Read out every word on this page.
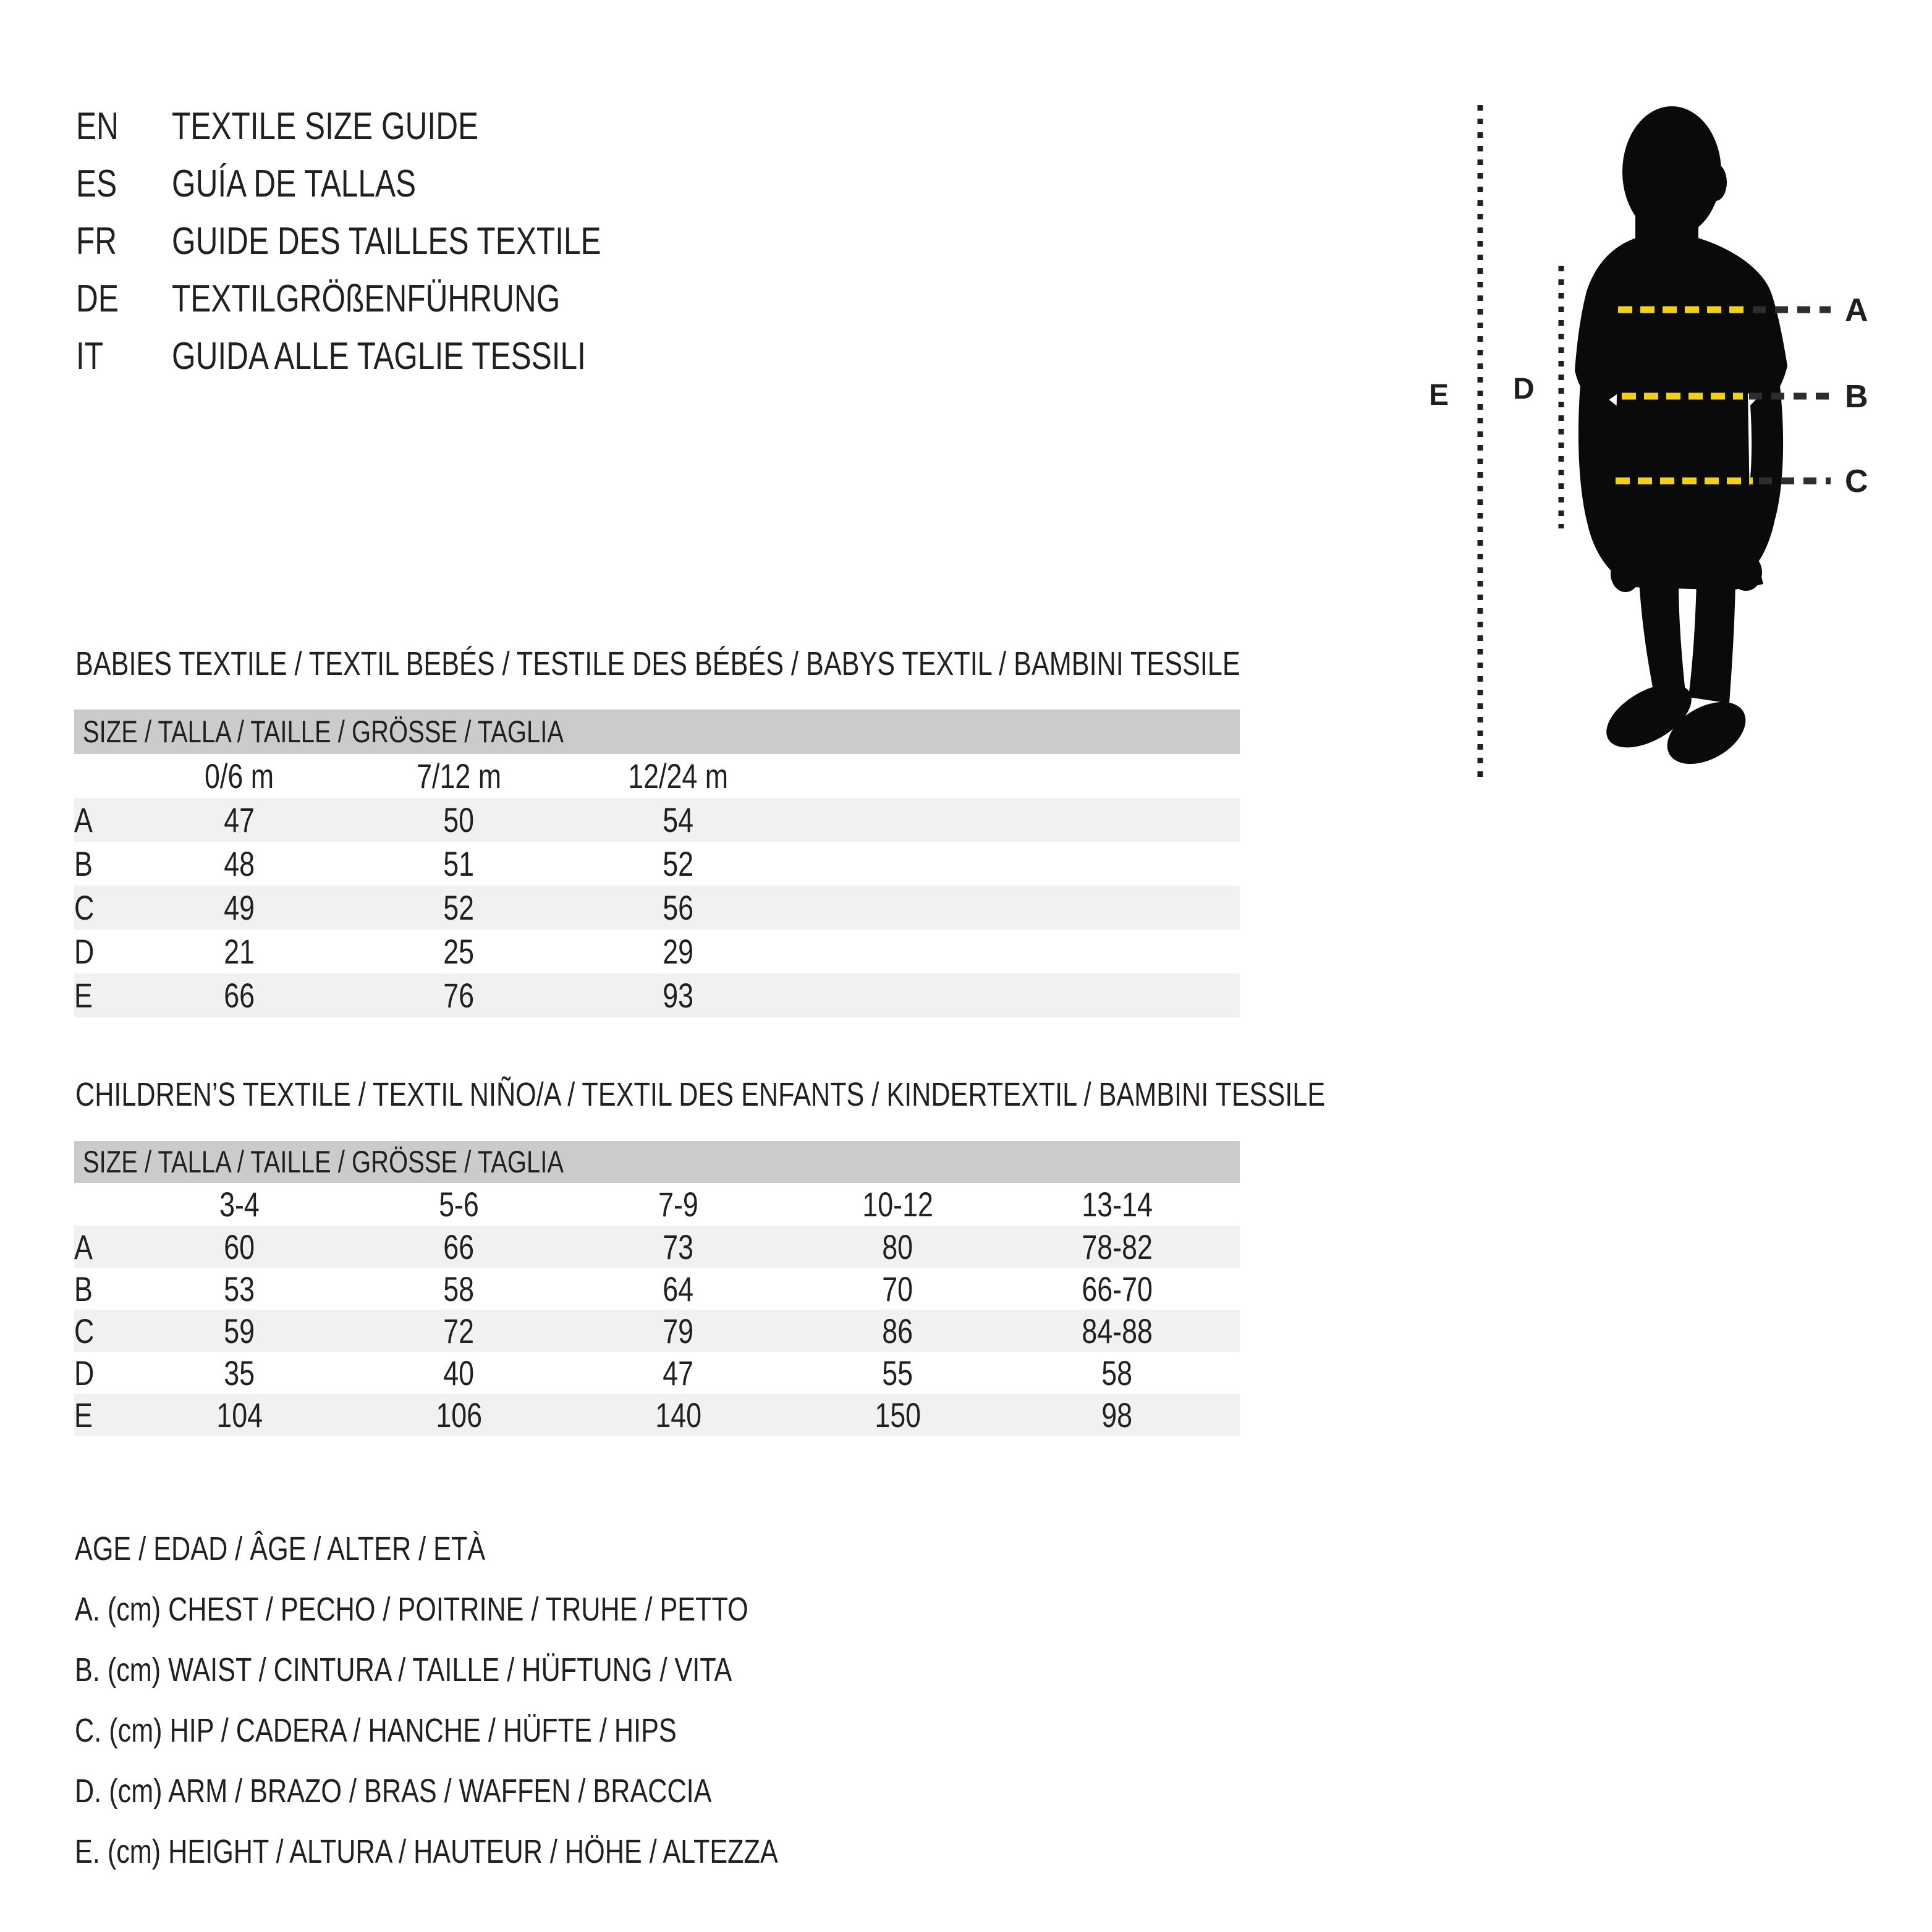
EN	TEXTILE SIZE GUIDE
ES	GUÍA DE TALLAS
FR	GUIDE DES TAILLES TEXTILE
DE	TEXTILGRÖßENFÜHRUNG
IT	GUIDA ALLE TAGLIE TESSILI
A
B
C
D
E
BABIES TEXTILE / TEXTIL BEBÉS / TESTILE DES BÉBÉS / BABYS TEXTIL / BAMBINI TESSILE
SIZE / TALLA / TAILLE / GRÖSSE / TAGLIA
	0/6 m	7/12 m	12/24 m			
A	47	50	54			
B	48	51	52			
C	49	52	56			
D	21	25	29			
E	66	76	93			
CHILDREN’S TEXTILE / TEXTIL NIÑO/A / TEXTIL DES ENFANTS / KINDERTEXTIL / BAMBINI TESSILE
SIZE / TALLA / TAILLE / GRÖSSE / TAGLIA
	3-4	5-6	7-9	10-12	13-14	
A	60	66	73	80	78-82	
B	53	58	64	70	66-70	
C	59	72	79	86	84-88	
D	35	40	47	55	58	
E	104	106	140	150	98	
AGE / EDAD / ÂGE / ALTER / ETÀ
A. (cm) CHEST / PECHO / POITRINE / TRUHE / PETTO
B. (cm) WAIST / CINTURA / TAILLE / HÜFTUNG / VITA
C. (cm) HIP / CADERA / HANCHE / HÜFTE / HIPS
D. (cm) ARM / BRAZO / BRAS / WAFFEN / BRACCIA
E. (cm) HEIGHT / ALTURA / HAUTEUR / HÖHE / ALTEZZA
